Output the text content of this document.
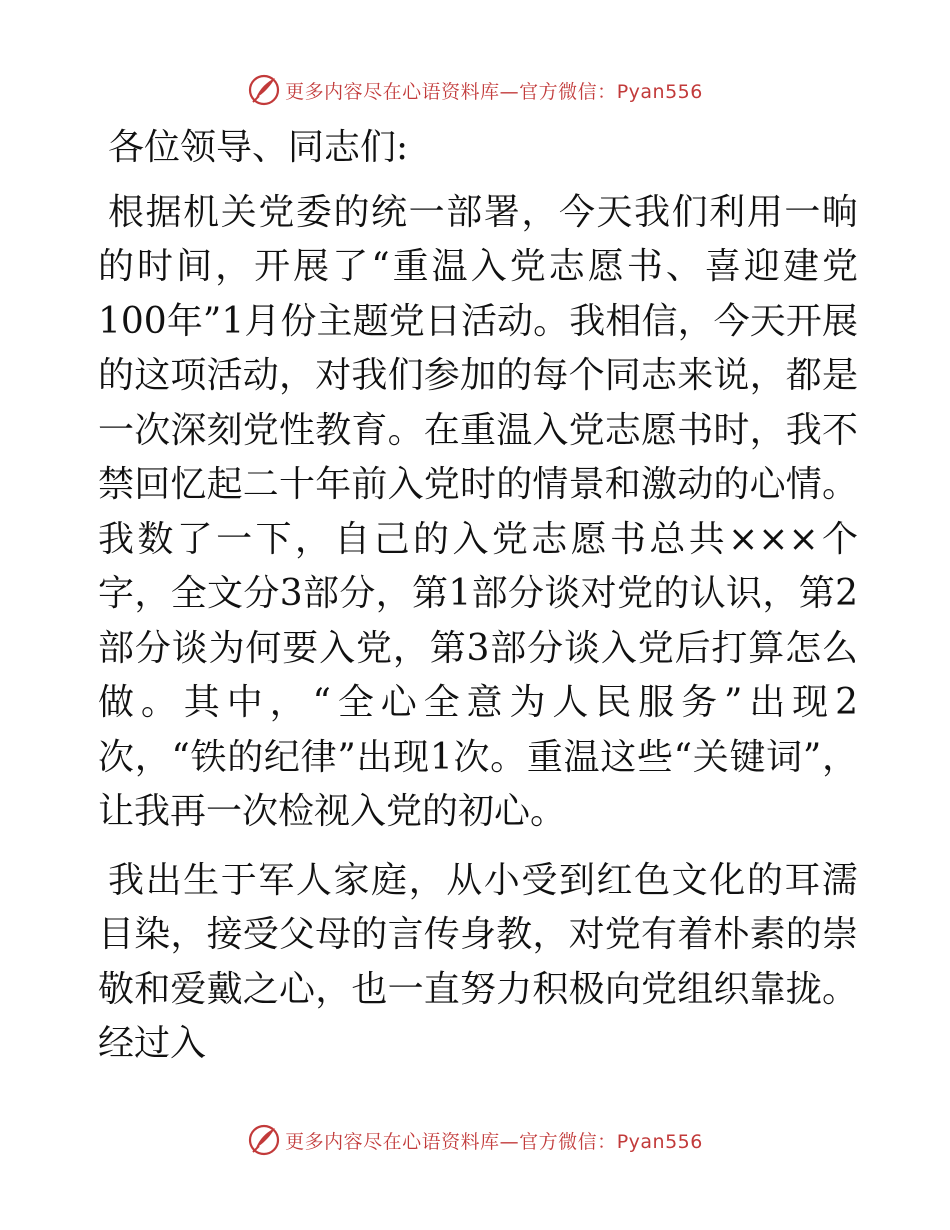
更多内容尽在心语资料库—官方微信：Pyan556

各位领导、同志们:

根据机关党委的统一部署，今天我们利用一晌的时间，开展了“重温入党志愿书、喜迎建党100年”1月份主题党日活动。我相信，今天开展的这项活动，对我们参加的每个同志来说，都是一次深刻党性教育。在重温入党志愿书时，我不禁回忆起二十年前入党时的情景和激动的心情。我数了一下，自己的入党志愿书总共×××个字，全文分3部分，第1部分谈对党的认识，第2部分谈为何要入党，第3部分谈入党后打算怎么做。其中，“全心全意为人民服务”出现2次，“铁的纪律”出现1次。重温这些“关键词”，让我再一次检视入党的初心。

我出生于军人家庭，从小受到红色文化的耳濡目染，接受父母的言传身教，对党有着朴素的崇敬和爱戴之心，也一直努力积极向党组织靠拢。经过入

更多内容尽在心语资料库—官方微信：Pyan556
